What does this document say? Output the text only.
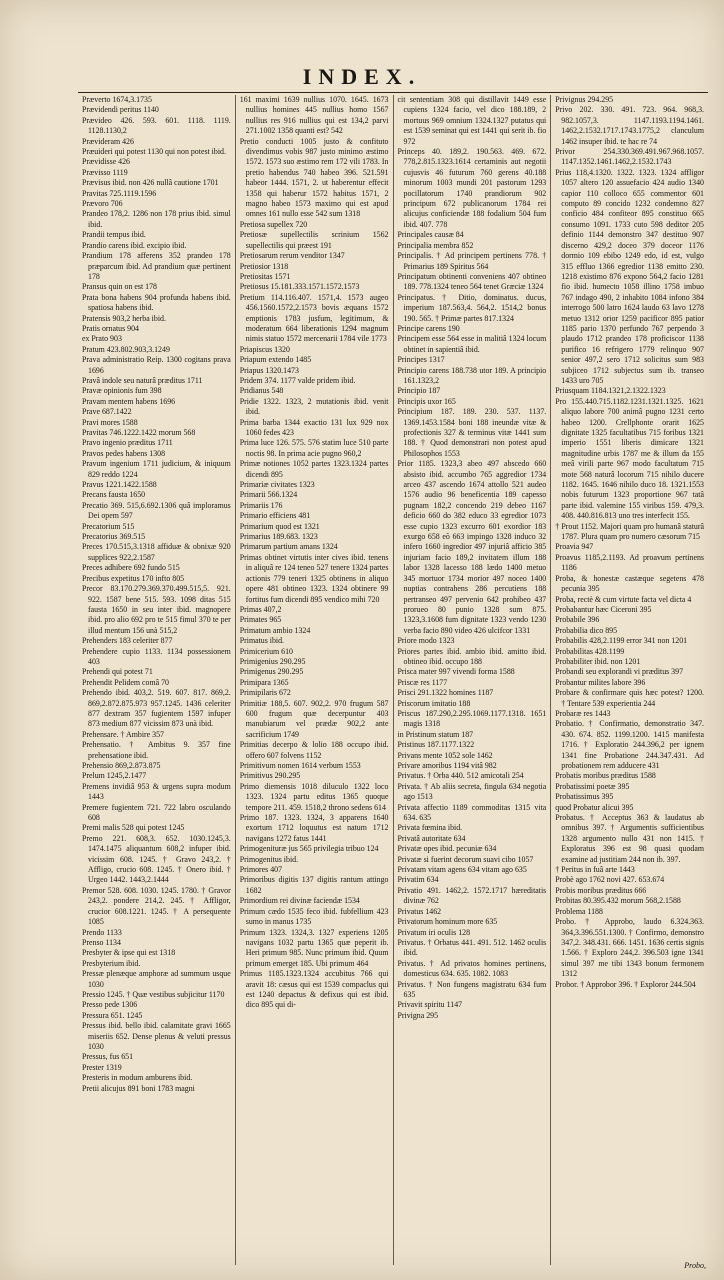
INDEX.

Præverto 1674,3.1735

Prævidendi peritus 1140

Prævideo 426. 593. 601. 1118. 1119. 1128.1130,2

Prævideram 426

Præuideri qui potest 1130 qui non potest ibid.

Prævidisse 426

Prævisso 1119

Prævisus ibid. non 426 nullâ cautione 1701

Pravitas 725.1119.1596

Prævoro 706

Prandeo 178,2. 1286 non 178 prius ibid. simul ibid.

Prandii tempus ibid.

Prandio carens ibid. excipio ibid.

Prandium 178 afferens 352 prandeo 178 præparcum ibid. Ad prandium quæ pertinent 178

Pransus quin on est 178

Prata bona habens 904 profunda habens ibid. spatiosa habens ibid.

Pratensis 903,2 herba ibid.

Pratis ornatus 904

ex Prato 903

Pratum 423.802.903,3.1249

Prava administratio Reip. 1300 cogitans prava 1696

Pravâ indole seu naturâ præditus 1711

Pravæ opinionis fum 398

Pravam mentem habens 1696

Prave 687.1422

Pravi mores 1588

Pravitas 746.1222.1422 morum 568

Pravo ingenio præditus 1711

Pravos pedes habens 1308

Pravum ingenium 1711 judicium, & iniquum 829 reddo 1224

Pravus 1221.1422.1588

Precans fausta 1650

Precatio 369. 515,6.692.1306 quâ imploramus Dei opem 597

Precatorium 515

Precatorius 369.515

Preces 170.515,3.1318 affiduæ & obnixæ 920 supplices 922,2.1587

Preces adhibere 692 fundo 515

Precibus expetitus 170 infto 805

Precor 83.170.279.369.370.499.515,5. 921. 922. 1587 bene 515. 593. 1098 ditas 515 fausta 1650 in seu inter ibid. magnopere ibid. pro alio 692 pro te 515 fimul 370 te per illud mentum 156 unà 515,2

Prehenders 183 celeriter 877

Prehendere cupio 1133. 1134 possessionem 403

Prehendi qui potest 71

Prehendit Pelidem comâ 70

Prehendo ibid. 403,2. 519. 607. 817. 869,2. 869,2.872.875.973 957.1245. 1436 celeriter 877 dextram 357 fugientem 1597 infuper 873 medium 877 vicissim 873 unà ibid.

Prehensare. † Ambire 357

Prehensatio. † Ambitus 9. 357 fine prehensatione ibid.

Prehensio 869,2.873.875

Prelum 1245,2.1477

Premens invidiâ 953 & urgens supra modum 1443

Premere fugientem 721. 722 labro osculando 608

Premi malis 528 qui potest 1245

Premo 221. 608,3. 652. 1030.1245,3. 1474.1475 aliquantum 608,2 infuper ibid. vicissim 608. 1245. † Gravo 243,2. † Affligo, crucio 608. 1245. † Onero ibid. † Urgeo 1442. 1443,2.1444

Premor 528. 608. 1030. 1245. 1780. † Gravor 243,2. pondere 214,2. 245. † Affligor, crucior 608.1221. 1245. † A persequente 1085

Prendo 1133

Prenso 1134

Presbyter & ipse qui est 1318

Presbyterium ibid.

Pressæ plenæque amphoræ ad summum usque 1030

Pressio 1245. † Quæ vestibus subjicitur 1170

Presso pede 1306

Pressura 651. 1245

Pressus ibid. bello ibid. calamitate gravi 1665 miseriis 652. Dense plenus & veluti pressus 1030

Pressus, fus 651

Prester 1319

Presteris in modum amburens ibid.

Pretii alicujus 891 boni 1783 magni

161 maximi 1639 nullius 1070. 1645. 1673 nullius homines 445 nullius homo 1567 nullius res 916 nullius qui est 134,2 parvi 271.1002 1358 quanti est? 542

Pretio conducti 1005 justo & confituto divendimus vobis 987 justo minimo æstimo 1572. 1573 suo æstimo rem 172 vili 1783. In pretio habendus 740 habeo 396. 521.591 habeor 1444. 1571, 2. ut haberentur effecit 1358 qui haberur 1572 habitus 1571, 2 magno habeo 1573 maximo qui est apud omnes 161 nullo esse 542 sum 1318

Pretiosa supellex 720

Pretiosæ supellectilis scrinium 1562 supellectilis qui præest 191

Pretiosarum rerum venditor 1347

Pretiosior 1318

Pretiositas 1571

Pretiosus 15.181.333.1571.1572.1573

Pretium 114.116.407. 1571,4. 1573 augeo 456.1560.1572,2.1573 bovis æquans 1572 emptionis 1783 jusfum, legitimum, & moderatum 664 liberationis 1294 magnum nimis statuo 1572 mercenarii 1784 vile 1773

Priapiscus 1320

Priapum extendo 1485

Priapus 1320.1473

Pridem 374. 1177 valde pridem ibid.

Pridianus 548

Pridie 1322. 1323, 2 mutationis ibid. venit ibid.

Prima barba 1344 exactio 131 lux 929 nox 1060 fedes 423

Prima luce 126. 575. 576 statim luce 510 parte noctis 98. In prima acie pugno 960,2

Primæ notiones 1052 partes 1323.1324 partes dicendi 895

Primariæ civitates 1323

Primarii 566.1324

Primariis 176

Primario efficiens 481

Primarium quod est 1321

Primarius 189.683. 1323

Primarum partium amans 1324

Primas obtinet virtutis inter cives ibid. tenens in aliquâ re 124 teneo 527 tenere 1324 partes actionis 779 teneri 1325 obtinens in aliquo opere 481 obtineo 1323. 1324 obtinere 99 fortitus fum dicendi 895 vendico mihi 720

Primas 407,2

Primates 965

Primatum ambio 1324

Primatus ibid.

Primicerium 610

Primigenius 290.295

Primigenus 290.295

Primipara 1365

Primipilaris 672

Primitiæ 188,5. 607. 902,2. 970 frugum 587 600 frugum quæ decerpuntur 403 manubiarum vel prædæ 902,2 ante sacrificium 1749

Primitias decerpo & lolio 188 occupo ibid. offero 607 folvens 1152

Primitivum nomen 1614 verbum 1553

Primitivus 290.295

Primo diemensis 1018 diluculo 1322 loco 1323. 1324 partu editus 1365 quoque tempore 211. 459. 1518,2 throno sedens 614

Primo 187. 1323. 1324, 3 apparens 1640 exortum 1712 loquutus est natum 1712 navigans 1272 fatus 1441

Primogenituræ jus 565 privilegia tribuo 124

Primogenitus ibid.

Primores 407

Primoribus digitis 137 digitis rantum attingo 1682

Primordium rei divinæ faciendæ 1534

Primum cædo 1535 feco ibid. fubfellium 423 sumo in manus 1735

Primum 1323. 1324,3. 1327 experiens 1205 navigans 1032 partu 1365 quæ peperit ib. Heri primum 985. Nunc primum ibid. Quum primum emerget 185. Ubi primum 464

Primus 1185.1323.1324 accubitus 766 qui aravit 18: cæsus qui est 1539 compaclus qui est 1240 depactus & defixus qui est ibid. dico 895 qui di-

cit sententiam 308 qui distillavit 1449 esse cupiens 1324 facio, vel dico 188.189, 2 mortuus 969 omnium 1324.1327 putatus qui est 1539 seminat qui est 1441 qui serit ib. fio 972

Princeps 40. 189,2. 190.563. 469. 672. 778,2.815.1323.1614 certaminis aut negotii cujusvis 46 futurum 760 gerens 40.188 minorum 1003 mundi 201 pastorum 1293 pocillatorum 1740 prandiorum 902 principum 672 publicanorum 1784 rei alicujus conficiendæ 188 fodalium 504 fum ibid. 407. 778

Principales causæ 84

Principalia membra 852

Principalis. † Ad principem pertinens 778. † Primarius 189 Spiritus 564

Principatum obtinenti conveniens 407 obtineo 189. 778.1324 teneo 564 tenet Græciæ 1324

Principatus. † Ditio, dominatus. ducus, imperium 187.563,4. 564,2. 1514,2 bonus 190. 565. † Primæ partes 817.1324

Principe carens 190

Principem esse 564 esse in malitiâ 1324 locum obtinet in sapientiâ ibid.

Principes 1317

Principio carens 188.738 utor 189. A principio 161.1323,2

Principio 187

Principis uxor 165

Principium 187. 189. 230. 537. 1137. 1369.1453.1584 boni 188 ineundæ vitæ & profectionis 327 & terminus vitæ 1441 sum 188. † Quod demonstrari non potest apud Philosophos 1553

Prior 1185. 1323,3 abeo 497 abscedo 660 absisto ibid. accumbo 765 aggredior 1734 arceo 437 ascendo 1674 attollo 521 audeo 1576 audio 96 beneficentia 189 capesso pugnam 182,2 concendo 219 debeo 1167 deficio 660 do 382 educo 33 egredior 1073 esse cupio 1323 excurro 601 exordior 183 exurgo 658 eõ 663 impingo 1328 induco 32 infero 1660 ingredior 497 injuriâ afficio 385 injuriam facio 189,2 invitatem illum 188 labor 1328 lacesso 188 lædo 1400 metuo 345 mortuor 1734 morior 497 noceo 1400 nuptias contrahens 286 percutiens 188 pertranseo 497 pervenio 642 prohibeo 437 prorueo 80 punio 1328 sum 875. 1323,3.1608 fum dignitate 1323 vendo 1230 verba facio 890 video 426 ulcifcor 1331

Priore modo 1323

Priores partes ibid. ambio ibid. amitto ibid. obtineo ibid. occupo 188

Prisca mater 997 vivendi forma 1588

Priscæ res 1177

Prisci 291.1322 homines 1187

Priscorum imitatio 188

Priscus 187.290,2.295.1069.1177.1318. 1651 magis 1318

in Pristinum statum 187

Pristinus 187.1177.1322

Privans mente 1052 sole 1462

Privare amoribus 1194 vitâ 982

Privatus. † Orba 440. 512 amicotali 254

Privata. † Ab aliis secreta, fingula 634 negotia ago 1513

Privata affectio 1189 commoditas 1315 vita 634. 635

Privata fœmina ibid.

Privatâ autoritate 634

Privatæ opes ibid. pecuniæ 634

Privatæ si fuerint decorum suavi cibo 1057

Privatam vitam agens 634 vitam ago 635

Privatim 634

Privatio 491. 1462,2. 1572.1717 hæreditatis divinæ 762

Privatus 1462

Privatorum hominum more 635

Privatum iri oculis 128

Privatus. † Orbatus 441. 491. 512. 1462 oculis ibid.

Privatus. † Ad privatos homines pertinens, domesticus 634. 635. 1082. 1083

Privatus. † Non fungens magistratu 634 fum 635

Privavit spiritu 1147

Privigna 295

Privignus 294.295

Privo 202. 330. 491. 723. 964. 968,3. 982.1057,3. 1147.1193.1194.1461. 1462,2.1532.1717.1743.1775,2 clanculum 1462 insuper ibid. te hac re 74

Privor 254.330.369.491.967.968.1057. 1147.1352.1461.1462,2.1532.1743

Prius 118,4.1320. 1322. 1323. 1324 affligor 1057 altero 120 assuefacio 424 audio 1340 capior 110 colloco 655 commentor 601 computo 89 concido 1232 condemno 827 conficio 484 confiteor 895 constituo 665 consumo 1091. 1733 cuto 598 deditor 205 definio 1144 demonstro 347 destituo 907 discerno 429,2 doceo 379 doceor 1176 dormio 109 ebibo 1249 edo, id est, vulgo 315 effluo 1366 egredior 1138 emitto 230. 1218 existimo 876 expono 564,2 facio 1281 fio ibid. humecto 1058 illino 1758 imbuo 767 indago 490, 2 inhabito 1084 infono 384 interrogo 500 latro 1624 laudo 63 lavo 1278 metuo 1312 orior 1259 pacificor 895 patior 1185 pario 1370 perfundo 767 perpendo 3 plaudo 1712 prandeo 178 proficiscor 1138 purifico 16 refrigero 1779 relinquo 907 senior 497,2 sero 1712 solicitus sum 983 subjiceo 1712 subjectus sum ib. transeo 1433 uro 705

Priusquam 1184.1321,2.1322.1323

Pro 155.440.715.1182.1231.1321.1325. 1621 aliquo labore 700 animâ pugno 1231 certo habeo 1200. Crellphonte orarit 1625 dignitate 1325 facultatibus 715 foribus 1321 imperio 1551 liberis dimicare 1321 magnitudine urbis 1787 me & illum da 155 meâ virili parte 967 modo facultatum 715 mote 568 naturâ locorum 715 nihilo ducere 1182. 1645. 1646 nihilo duco 18. 1321.1553 nobis futurum 1323 proportione 967 tatâ parte ibid. valemine 155 viribus 159. 479,3. 408. 440.816.813 uno tres interfecit 155.

† Prout 1152. Majori quam pro humanâ staturâ 1787. Plura quam pro numero cæsorum 715

Proavia 947

Proavus 1185,2.1193. Ad proavum pertinens 1186

Proba, & honestæ castæque segetens 478 pecunia 395

Proba, rectè & cum virtute facta vel dicta 4

Probabantur hæc Ciceroni 395

Probabile 396

Probabilia dico 895

Probabilis 428,2.1199 error 341 non 1201

Probabilitas 428.1199

Probabiliter ibid. non 1201

Probandi seu explorandi vi præditus 397

Probantur milites labore 396

Probare & confirmare quis hæc potest? 1200. † Tentare 539 experientia 244

Probaræ res 1443

Probatio. † Confirmatio, demonstratio 347. 430. 674. 852. 1199.1200. 1415 manifesta 1716. † Exploratio 244.396,2 per ignem 1341 fine Probatione 244.347.431. Ad probationem rem adducere 431

Probatis moribus præditus 1588

Probatissimi poetæ 395

Probatissimus 395

quod Probatur alicui 395

Probatus. † Acceptus 363 & laudatus ab omnibus 397. † Argumentis sufficientibus 1328 argumento nullo 431 non 1415. † Exploratus 396 est 98 quasi quodam examine ad justitiam 244 non ib. 397.

† Peritus in fuâ arte 1443

Probè ago 1762 novi 427. 653.674

Probis moribus præditus 666

Probitas 80.395.432 morum 568,2.1588

Problema 1188

Probo. † Approbo, laudo 6.324.363. 364,3.396.551.1300. † Confirmo, demonstro 347,2. 348.431. 666. 1451. 1636 certis signis 1.566. † Exploro 244,2. 396.503 igne 1341 simul 397 me tibi 1343 bonum fermonem 1312

Probor. † Approbor 396. † Exploror 244.504

Probo,
